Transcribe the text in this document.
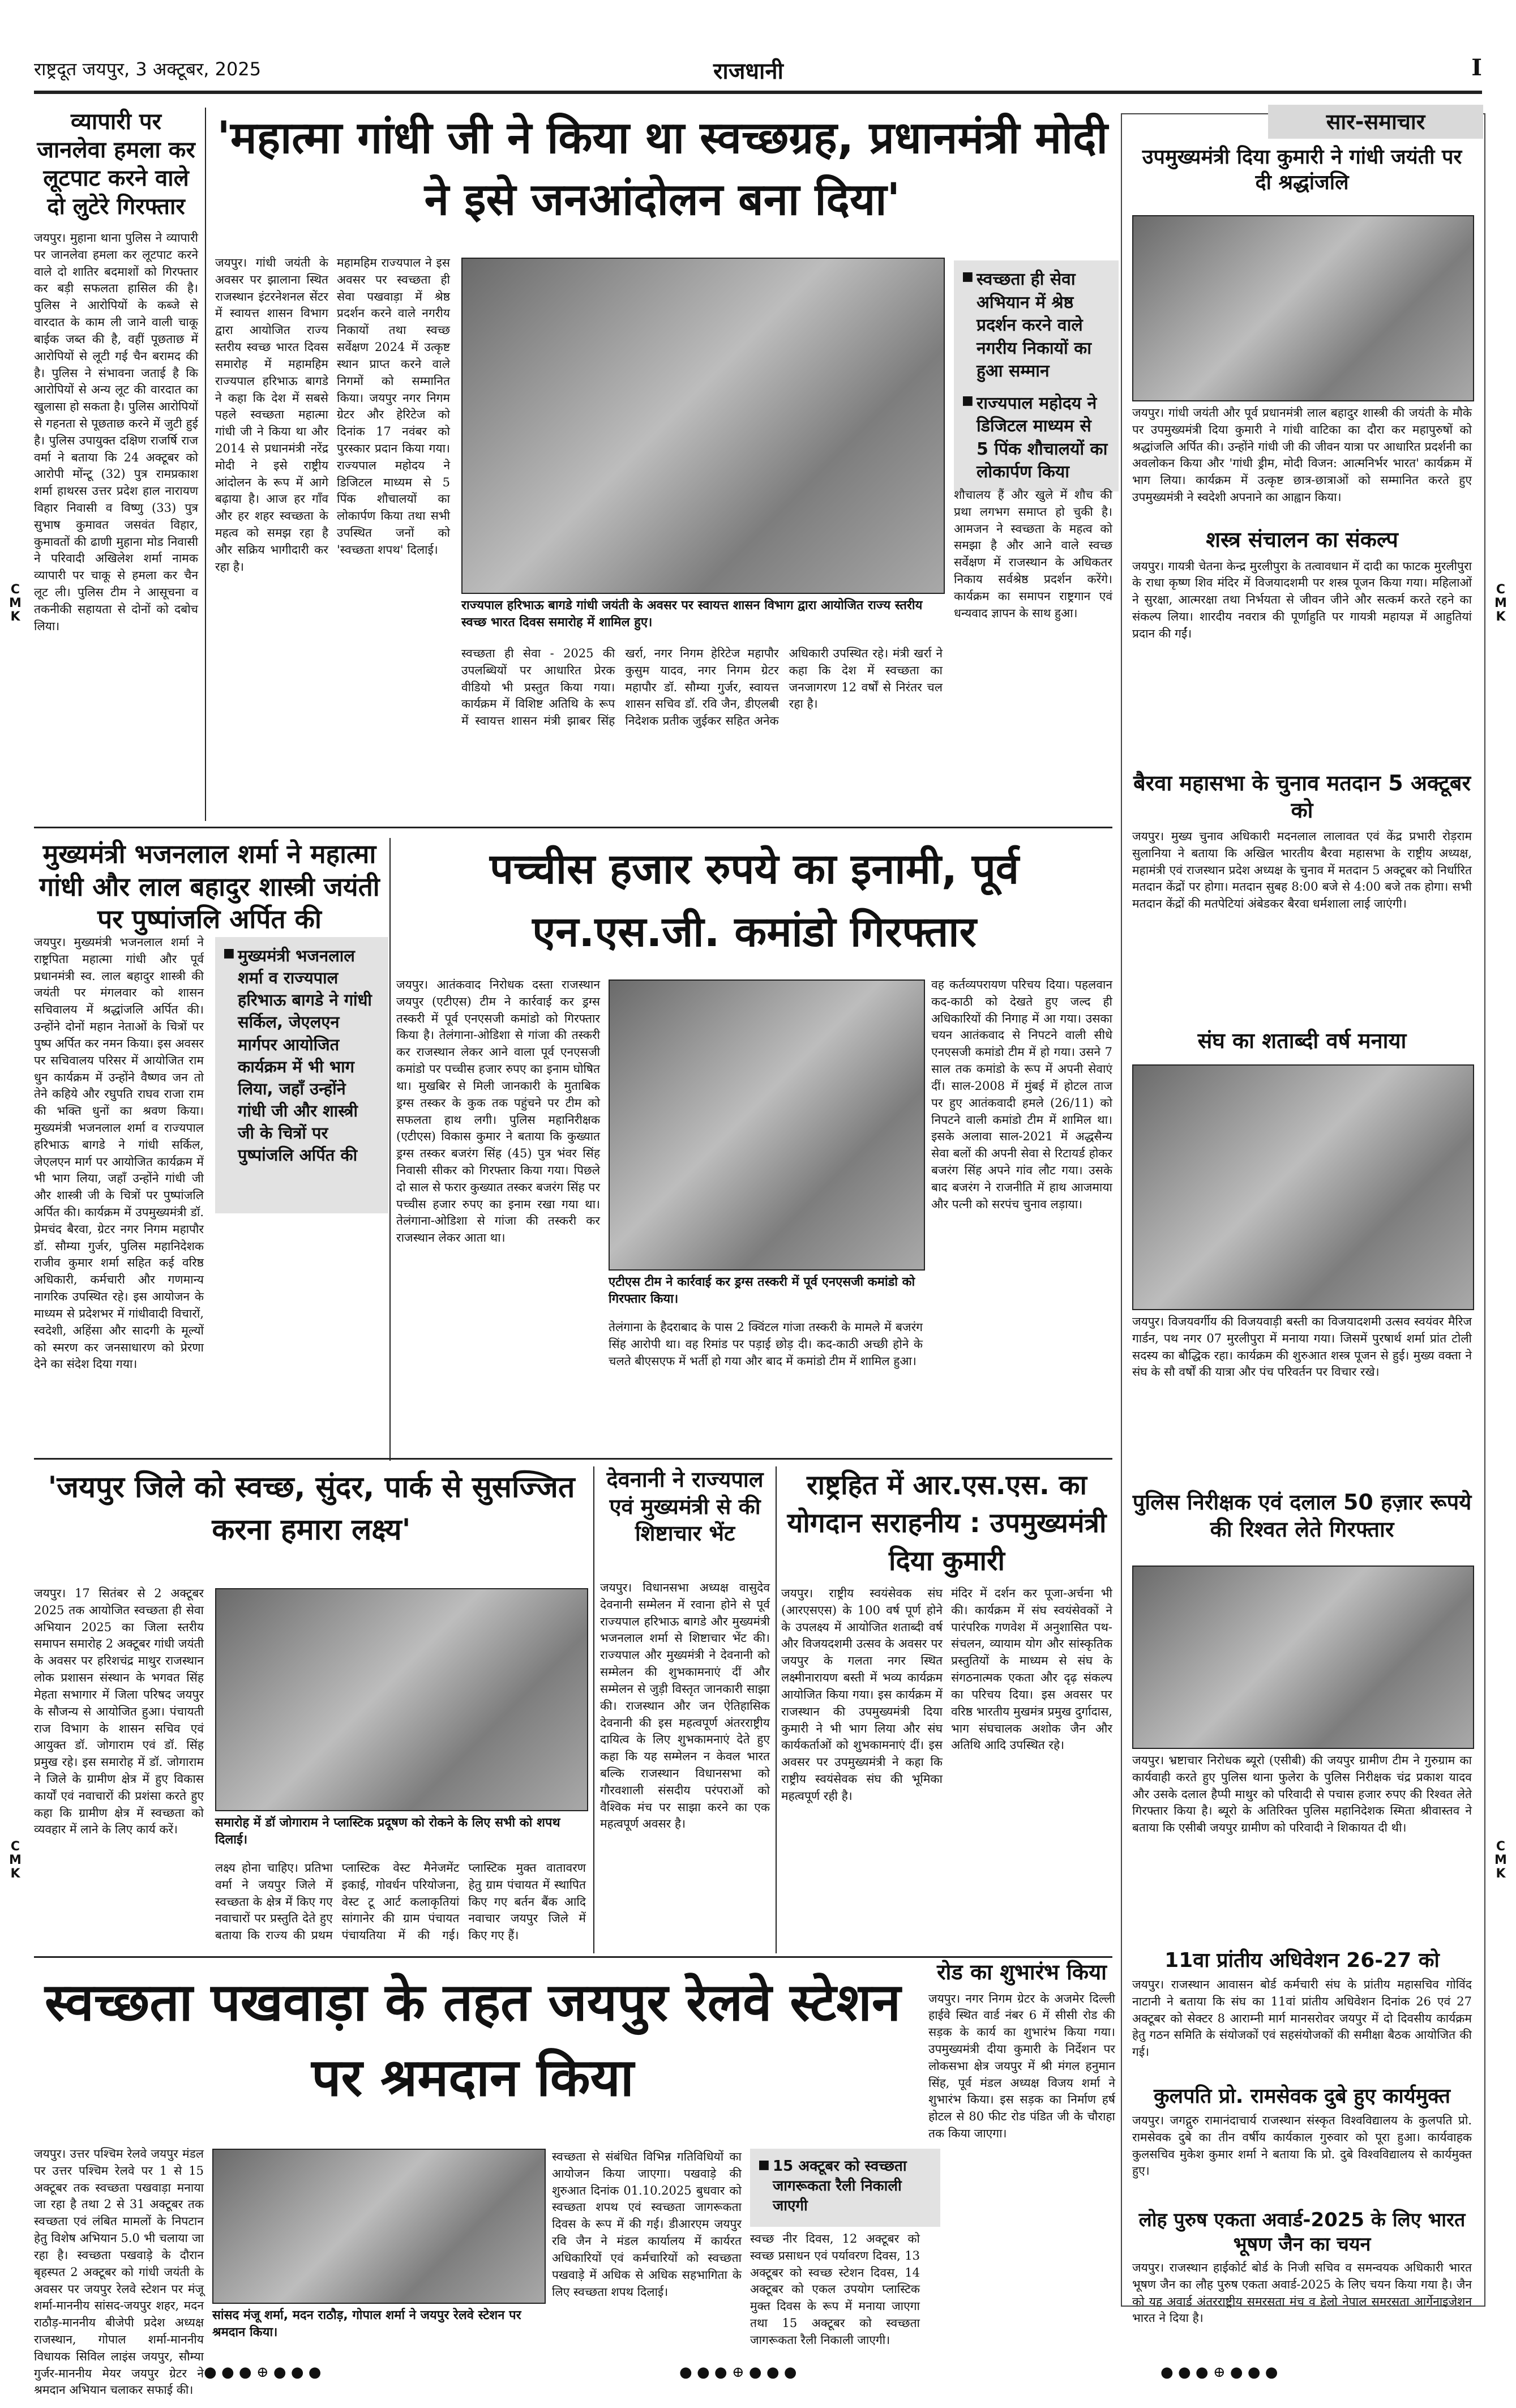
राष्ट्रदूत जयपुर, 3 अक्टूबर, 2025	राजधानी	I
C
M
K
C
M
K
C
M
K
C
M
K
व्यापारी पर जानलेवा हमला कर लूटपाट करने वाले दो लुटेरे गिरफ्तार

जयपुर। मुहाना थाना पुलिस ने व्यापारी पर जानलेवा हमला कर लूटपाट करने वाले दो शातिर बदमाशों को गिरफ्तार कर बड़ी सफलता हासिल की है। पुलिस ने आरोपियों के कब्जे से वारदात के काम ली जाने वाली चाकू बाईक जब्त की है, वहीं पूछताछ में आरोपियों से लूटी गई चैन बरामद की है। पुलिस ने संभावना जताई है कि आरोपियों से अन्य लूट की वारदात का खुलासा हो सकता है। पुलिस आरोपियों से गहनता से पूछताछ करने में जुटी हुई है। पुलिस उपायुक्त दक्षिण राजर्षि राज वर्मा ने बताया कि 24 अक्टूबर को आरोपी मोंन्टू (32) पुत्र रामप्रकाश शर्मा हाथरस उत्तर प्रदेश हाल नारायण विहार निवासी व विष्णु (33) पुत्र सुभाष कुमावत जसवंत विहार, कुमावतों की ढाणी मुहाना मोड निवासी ने परिवादी अखिलेश शर्मा नामक व्यापारी पर चाकू से हमला कर चैन लूट ली। पुलिस टीम ने आसूचना व तकनीकी सहायता से दोनों को दबोच लिया।

'महात्मा गांधी जी ने किया था स्वच्छग्रह, प्रधानमंत्री मोदी ने इसे जनआंदोलन बना दिया'

जयपुर। गांधी जयंती के अवसर पर झालाना स्थित राजस्थान इंटरनेशनल सेंटर में स्वायत्त शासन विभाग द्वारा आयोजित राज्य स्तरीय स्वच्छ भारत दिवस समारोह में महामहिम राज्यपाल हरिभाऊ बागडे ने कहा कि देश में सबसे पहले स्वच्छता महात्मा गांधी जी ने किया था और 2014 से प्रधानमंत्री नरेंद्र मोदी ने इसे राष्ट्रीय आंदोलन के रूप में आगे बढ़ाया है। आज हर गाँव और हर शहर स्वच्छता के महत्व को समझ रहा है और सक्रिय भागीदारी कर रहा है।

महामहिम राज्यपाल ने इस अवसर पर स्वच्छता ही सेवा पखवाड़ा में श्रेष्ठ प्रदर्शन करने वाले नगरीय निकायों तथा स्वच्छ सर्वेक्षण 2024 में उत्कृष्ट स्थान प्राप्त करने वाले निगमों को सम्मानित किया। जयपुर नगर निगम ग्रेटर और हेरिटेज को दिनांक 17 नवंबर को पुरस्कार प्रदान किया गया। राज्यपाल महोदय ने डिजिटल माध्यम से 5 पिंक शौचालयों का लोकार्पण किया तथा सभी उपस्थित जनों को 'स्वच्छता शपथ' दिलाई।

राज्यपाल हरिभाऊ बागडे गांधी जयंती के अवसर पर स्वायत्त शासन विभाग द्वारा आयोजित राज्य स्तरीय स्वच्छ भारत दिवस समारोह में शामिल हुए।
■ स्वच्छता ही सेवा अभियान में श्रेष्ठ प्रदर्शन करने वाले नगरीय निकायों का हुआ सम्मान
■ राज्यपाल महोदय ने डिजिटल माध्यम से 5 पिंक शौचालयों का लोकार्पण किया

शौचालय हैं और खुले में शौच की प्रथा लगभग समाप्त हो चुकी है। आमजन ने स्वच्छता के महत्व को समझा है और आने वाले स्वच्छ सर्वेक्षण में राजस्थान के अधिकतर निकाय सर्वश्रेष्ठ प्रदर्शन करेंगे। कार्यक्रम का समापन राष्ट्रगान एवं धन्यवाद ज्ञापन के साथ हुआ।

स्वच्छता ही सेवा - 2025 की उपलब्धियों पर आधारित प्रेरक वीडियो भी प्रस्तुत किया गया। कार्यक्रम में विशिष्ट अतिथि के रूप में स्वायत्त शासन मंत्री झाबर सिंह खर्रा, नगर निगम हेरिटेज महापौर कुसुम यादव, नगर निगम ग्रेटर महापौर डॉ. सौम्या गुर्जर, स्वायत्त शासन सचिव डॉ. रवि जैन, डीएलबी निदेशक प्रतीक जुईकर सहित अनेक अधिकारी उपस्थित रहे। मंत्री खर्रा ने कहा कि देश में स्वच्छता का जनजागरण 12 वर्षों से निरंतर चल रहा है।

मुख्यमंत्री भजनलाल शर्मा ने महात्मा गांधी और लाल बहादुर शास्त्री जयंती पर पुष्पांजलि अर्पित की

जयपुर। मुख्यमंत्री भजनलाल शर्मा ने राष्ट्रपिता महात्मा गांधी और पूर्व प्रधानमंत्री स्व. लाल बहादुर शास्त्री की जयंती पर मंगलवार को शासन सचिवालय में श्रद्धांजलि अर्पित की। उन्होंने दोनों महान नेताओं के चित्रों पर पुष्प अर्पित कर नमन किया। इस अवसर पर सचिवालय परिसर में आयोजित राम धुन कार्यक्रम में उन्होंने वैष्णव जन तो तेने कहिये और रघुपति राघव राजा राम की भक्ति धुनों का श्रवण किया। मुख्यमंत्री भजनलाल शर्मा व राज्यपाल हरिभाऊ बागडे ने गांधी सर्किल, जेएलएन मार्ग पर आयोजित कार्यक्रम में भी भाग लिया, जहाँ उन्होंने गांधी जी और शास्त्री जी के चित्रों पर पुष्पांजलि अर्पित की। कार्यक्रम में उपमुख्यमंत्री डॉ. प्रेमचंद बैरवा, ग्रेटर नगर निगम महापौर डॉ. सौम्या गुर्जर, पुलिस महानिदेशक राजीव कुमार शर्मा सहित कई वरिष्ठ अधिकारी, कर्मचारी और गणमान्य नागरिक उपस्थित रहे। इस आयोजन के माध्यम से प्रदेशभर में गांधीवादी विचारों, स्वदेशी, अहिंसा और सादगी के मूल्यों को स्मरण कर जनसाधारण को प्रेरणा देने का संदेश दिया गया।

■ मुख्यमंत्री भजनलाल शर्मा व राज्यपाल हरिभाऊ बागडे ने गांधी सर्किल, जेएलएन मार्गपर आयोजित कार्यक्रम में भी भाग लिया, जहाँ उन्होंने गांधी जी और शास्त्री जी के चित्रों पर पुष्पांजलि अर्पित की
पच्चीस हजार रुपये का इनामी, पूर्व एन.एस.जी. कमांडो गिरफ्तार

जयपुर। आतंकवाद निरोधक दस्ता राजस्थान जयपुर (एटीएस) टीम ने कार्रवाई कर ड्रग्स तस्करी में पूर्व एनएसजी कमांडो को गिरफ्तार किया है। तेलंगाना-ओडिशा से गांजा की तस्करी कर राजस्थान लेकर आने वाला पूर्व एनएसजी कमांडो पर पच्चीस हजार रुपए का इनाम घोषित था। मुखबिर से मिली जानकारी के मुताबिक ड्रग्स तस्कर के कुक तक पहुंचने पर टीम को सफलता हाथ लगी। पुलिस महानिरीक्षक (एटीएस) विकास कुमार ने बताया कि कुख्यात ड्रग्स तस्कर बजरंग सिंह (45) पुत्र भंवर सिंह निवासी सीकर को गिरफ्तार किया गया। पिछले दो साल से फरार कुख्यात तस्कर बजरंग सिंह पर पच्चीस हजार रुपए का इनाम रखा गया था। तेलंगाना-ओडिशा से गांजा की तस्करी कर राजस्थान लेकर आता था।

एटीएस टीम ने कार्रवाई कर ड्रग्स तस्करी में पूर्व एनएसजी कमांडो को गिरफ्तार किया।

तेलंगाना के हैदराबाद के पास 2 क्विंटल गांजा तस्करी के मामले में बजरंग सिंह आरोपी था। वह रिमांड पर पड़ाई छोड़ दी। कद-काठी अच्छी होने के चलते बीएसएफ में भर्ती हो गया और बाद में कमांडो टीम में शामिल हुआ।

वह कर्तव्यपरायण परिचय दिया। पहलवान कद-काठी को देखते हुए जल्द ही अधिकारियों की निगाह में आ गया। उसका चयन आतंकवाद से निपटने वाली सीधे एनएसजी कमांडो टीम में हो गया। उसने 7 साल तक कमांडो के रूप में अपनी सेवाएं दीं। साल-2008 में मुंबई में होटल ताज पर हुए आतंकवादी हमले (26/11) को निपटने वाली कमांडो टीम में शामिल था। इसके अलावा साल-2021 में अद्धसैन्य सेवा बलों की अपनी सेवा से रिटायर्ड होकर बजरंग सिंह अपने गांव लौट गया। उसके बाद बजरंग ने राजनीति में हाथ आजमाया और पत्नी को सरपंच चुनाव लड़ाया।

'जयपुर जिले को स्वच्छ, सुंदर, पार्क से सुसज्जित करना हमारा लक्ष्य'

जयपुर। 17 सितंबर से 2 अक्टूबर 2025 तक आयोजित स्वच्छता ही सेवा अभियान 2025 का जिला स्तरीय समापन समारोह 2 अक्टूबर गांधी जयंती के अवसर पर हरिशचंद्र माथुर राजस्थान लोक प्रशासन संस्थान के भगवत सिंह मेहता सभागार में जिला परिषद जयपुर के सौजन्य से आयोजित हुआ। पंचायती राज विभाग के शासन सचिव एवं आयुक्त डॉ. जोगाराम एवं डॉ. सिंह प्रमुख रहे। इस समारोह में डॉ. जोगाराम ने जिले के ग्रामीण क्षेत्र में हुए विकास कार्यों एवं नवाचारों की प्रशंसा करते हुए कहा कि ग्रामीण क्षेत्र में स्वच्छता को व्यवहार में लाने के लिए कार्य करें।	समारोह में डॉ जोगाराम ने प्लास्टिक प्रदूषण को रोकने के लिए सभी को शपथ दिलाई।

लक्ष्य होना चाहिए। प्रतिभा वर्मा ने जयपुर जिले में स्वच्छता के क्षेत्र में किए गए नवाचारों पर प्रस्तुति देते हुए बताया कि राज्य की प्रथम प्लास्टिक वेस्ट मैनेजमेंट इकाई, गोवर्धन परियोजना, वेस्ट टू आर्ट कलाकृतियां सांगानेर की ग्राम पंचायत पंचायतिया में की गई। प्लास्टिक मुक्त वातावरण हेतु ग्राम पंचायत में स्थापित किए गए बर्तन बैंक आदि नवाचार जयपुर जिले में किए गए हैं।

देवनानी ने राज्यपाल एवं मुख्यमंत्री से की शिष्टाचार भेंट

जयपुर। विधानसभा अध्यक्ष वासुदेव देवनानी सम्मेलन में रवाना होने से पूर्व राज्यपाल हरिभाऊ बागडे और मुख्यमंत्री भजनलाल शर्मा से शिष्टाचार भेंट की। राज्यपाल और मुख्यमंत्री ने देवनानी को सम्मेलन की शुभकामनाएं दीं और सम्मेलन से जुड़ी विस्तृत जानकारी साझा की। राजस्थान और जन ऐतिहासिक देवनानी की इस महत्वपूर्ण अंतरराष्ट्रीय दायित्व के लिए शुभकामनाएं देते हुए कहा कि यह सम्मेलन न केवल भारत बल्कि राजस्थान विधानसभा को गौरवशाली संसदीय परंपराओं को वैश्विक मंच पर साझा करने का एक महत्वपूर्ण अवसर है।

राष्ट्रहित में आर.एस.एस. का योगदान सराहनीय : उपमुख्यमंत्री दिया कुमारी

जयपुर। राष्ट्रीय स्वयंसेवक संघ (आरएसएस) के 100 वर्ष पूर्ण होने के उपलक्ष्य में आयोजित शताब्दी वर्ष और विजयदशमी उत्सव के अवसर पर जयपुर के गलता नगर स्थित लक्ष्मीनारायण बस्ती में भव्य कार्यक्रम आयोजित किया गया। इस कार्यक्रम में राजस्थान की उपमुख्यमंत्री दिया कुमारी ने भी भाग लिया और संघ कार्यकर्ताओं को शुभकामनाएं दीं। इस अवसर पर उपमुख्यमंत्री ने कहा कि राष्ट्रीय स्वयंसेवक संघ की भूमिका महत्वपूर्ण रही है।

मंदिर में दर्शन कर पूजा-अर्चना भी की। कार्यक्रम में संघ स्वयंसेवकों ने पारंपरिक गणवेश में अनुशासित पथ-संचलन, व्यायाम योग और सांस्कृतिक प्रस्तुतियों के माध्यम से संघ के संगठनात्मक एकता और दृढ़ संकल्प का परिचय दिया। इस अवसर पर वरिष्ठ भारतीय मुखमंत्र प्रमुख दुर्गादास, भाग संघचालक अशोक जैन और अतिथि आदि उपस्थित रहे।

स्वच्छता पखवाड़ा के तहत जयपुर रेलवे स्टेशन पर श्रमदान किया

जयपुर। उत्तर पश्चिम रेलवे जयपुर मंडल पर उत्तर पश्चिम रेलवे पर 1 से 15 अक्टूबर तक स्वच्छता पखवाड़ा मनाया जा रहा है तथा 2 से 31 अक्टूबर तक स्वच्छता एवं लंबित मामलों के निपटान हेतु विशेष अभियान 5.0 भी चलाया जा रहा है। स्वच्छता पखवाड़े के दौरान बृहस्पत 2 अक्टूबर को गांधी जयंती के अवसर पर जयपुर रेलवे स्टेशन पर मंजू शर्मा-माननीय सांसद-जयपुर शहर, मदन राठौड़-माननीय बीजेपी प्रदेश अध्यक्ष राजस्थान, गोपाल शर्मा-माननीय विधायक सिविल लाइंस जयपुर, सौम्या गुर्जर-माननीय मेयर जयपुर ग्रेटर ने श्रमदान अभियान चलाकर सफाई की।

सांसद मंजू शर्मा, मदन राठौड़, गोपाल शर्मा ने जयपुर रेलवे स्टेशन पर श्रमदान किया।

स्वच्छता से संबंधित विभिन्न गतिविधियों का आयोजन किया जाएगा। पखवाड़े की शुरुआत दिनांक 01.10.2025 बुधवार को स्वच्छता शपथ एवं स्वच्छता जागरूकता दिवस के रूप में की गई। डीआरएम जयपुर रवि जैन ने मंडल कार्यालय में कार्यरत अधिकारियों एवं कर्मचारियों को स्वच्छता पखवाड़े में अधिक से अधिक सहभागिता के लिए स्वच्छता शपथ दिलाई।

■ 15 अक्टूबर को स्वच्छता जागरूकता रैली निकाली जाएगी

स्वच्छ नीर दिवस, 12 अक्टूबर को स्वच्छ प्रसाधन एवं पर्यावरण दिवस, 13 अक्टूबर को स्वच्छ स्टेशन दिवस, 14 अक्टूबर को एकल उपयोग प्लास्टिक मुक्त दिवस के रूप में मनाया जाएगा तथा 15 अक्टूबर को स्वच्छता जागरूकता रैली निकाली जाएगी।

सार-समाचार
उपमुख्यमंत्री दिया कुमारी ने गांधी जयंती पर दी श्रद्धांजलि

जयपुर। गांधी जयंती और पूर्व प्रधानमंत्री लाल बहादुर शास्त्री की जयंती के मौके पर उपमुख्यमंत्री दिया कुमारी ने गांधी वाटिका का दौरा कर महापुरुषों को श्रद्धांजलि अर्पित की। उन्होंने गांधी जी की जीवन यात्रा पर आधारित प्रदर्शनी का अवलोकन किया और 'गांधी ड्रीम, मोदी विजन: आत्मनिर्भर भारत' कार्यक्रम में भाग लिया। कार्यक्रम में उत्कृष्ट छात्र-छात्राओं को सम्मानित करते हुए उपमुख्यमंत्री ने स्वदेशी अपनाने का आह्वान किया।

शस्त्र संचालन का संकल्प

जयपुर। गायत्री चेतना केन्द्र मुरलीपुरा के तत्वावधान में दादी का फाटक मुरलीपुरा के राधा कृष्ण शिव मंदिर में विजयादशमी पर शस्त्र पूजन किया गया। महिलाओं ने सुरक्षा, आत्मरक्षा तथा निर्भयता से जीवन जीने और सत्कर्म करते रहने का संकल्प लिया। शारदीय नवरात्र की पूर्णाहुति पर गायत्री महायज्ञ में आहुतियां प्रदान की गईं।

बैरवा महासभा के चुनाव मतदान 5 अक्टूबर को

जयपुर। मुख्य चुनाव अधिकारी मदनलाल लालावत एवं केंद्र प्रभारी रोड़राम सुलानिया ने बताया कि अखिल भारतीय बैरवा महासभा के राष्ट्रीय अध्यक्ष, महामंत्री एवं राजस्थान प्रदेश अध्यक्ष के चुनाव में मतदान 5 अक्टूबर को निर्धारित मतदान केंद्रों पर होगा। मतदान सुबह 8:00 बजे से 4:00 बजे तक होगा। सभी मतदान केंद्रों की मतपेटियां अंबेडकर बैरवा धर्मशाला लाई जाएंगी।

संघ का शताब्दी वर्ष मनाया

जयपुर। विजयवर्गीय की विजयवाड़ी बस्ती का विजयादशमी उत्सव स्वयंवर मैरिज गार्डन, पथ नगर 07 मुरलीपुरा में मनाया गया। जिसमें पुरषार्थ शर्मा प्रांत टोली सदस्य का बौद्धिक रहा। कार्यक्रम की शुरुआत शस्त्र पूजन से हुई। मुख्य वक्ता ने संघ के सौ वर्षों की यात्रा और पंच परिवर्तन पर विचार रखे।

पुलिस निरीक्षक एवं दलाल 50 हज़ार रूपये की रिश्वत लेते गिरफ्तार

जयपुर। भ्रष्टाचार निरोधक ब्यूरो (एसीबी) की जयपुर ग्रामीण टीम ने गुरुग्राम का कार्यवाही करते हुए पुलिस थाना फुलेरा के पुलिस निरीक्षक चंद्र प्रकाश यादव और उसके दलाल हैप्पी माथुर को परिवादी से पचास हजार रुपए की रिश्वत लेते गिरफ्तार किया है। ब्यूरो के अतिरिक्त पुलिस महानिदेशक स्मिता श्रीवास्तव ने बताया कि एसीबी जयपुर ग्रामीण को परिवादी ने शिकायत दी थी।

रोड का शुभारंभ किया

जयपुर। नगर निगम ग्रेटर के अजमेर दिल्ली हाईवे स्थित वार्ड नंबर 6 में सीसी रोड की सड़क के कार्य का शुभारंभ किया गया। उपमुख्यमंत्री दीया कुमारी के निर्देशन पर लोकसभा क्षेत्र जयपुर में श्री मंगल हनुमान सिंह, पूर्व मंडल अध्यक्ष विजय शर्मा ने शुभारंभ किया। इस सड़क का निर्माण हर्ष होटल से 80 फीट रोड पंडित जी के चौराहा तक किया जाएगा।

11वा प्रांतीय अधिवेशन 26-27 को

जयपुर। राजस्थान आवासन बोर्ड कर्मचारी संघ के प्रांतीय महासचिव गोविंद नाटानी ने बताया कि संघ का 11वां प्रांतीय अधिवेशन दिनांक 26 एवं 27 अक्टूबर को सेक्टर 8 आराम्नी मार्ग मानसरोवर जयपुर में दो दिवसीय कार्यक्रम हेतु गठन समिति के संयोजकों एवं सहसंयोजकों की समीक्षा बैठक आयोजित की गई।

कुलपति प्रो. रामसेवक दुबे हुए कार्यमुक्त

जयपुर। जगद्गुरु रामानंदाचार्य राजस्थान संस्कृत विश्वविद्यालय के कुलपति प्रो. रामसेवक दुबे का तीन वर्षीय कार्यकाल गुरुवार को पूरा हुआ। कार्यवाहक कुलसचिव मुकेश कुमार शर्मा ने बताया कि प्रो. दुबे विश्वविद्यालय से कार्यमुक्त हुए।

लोह पुरुष एकता अवार्ड-2025 के लिए भारत भूषण जैन का चयन

जयपुर। राजस्थान हाईकोर्ट बोर्ड के निजी सचिव व समन्वयक अधिकारी भारत भूषण जैन का लौह पुरुष एकता अवार्ड-2025 के लिए चयन किया गया है। जैन को यह अवार्ड अंतरराष्ट्रीय समरसता मंच व हेलो नेपाल समरसता आर्गेनाइजेशन भारत ने दिया है।

● ● ● ⊕ ● ● ●	● ● ● ⊕ ● ● ●	● ● ● ⊕ ● ● ●
